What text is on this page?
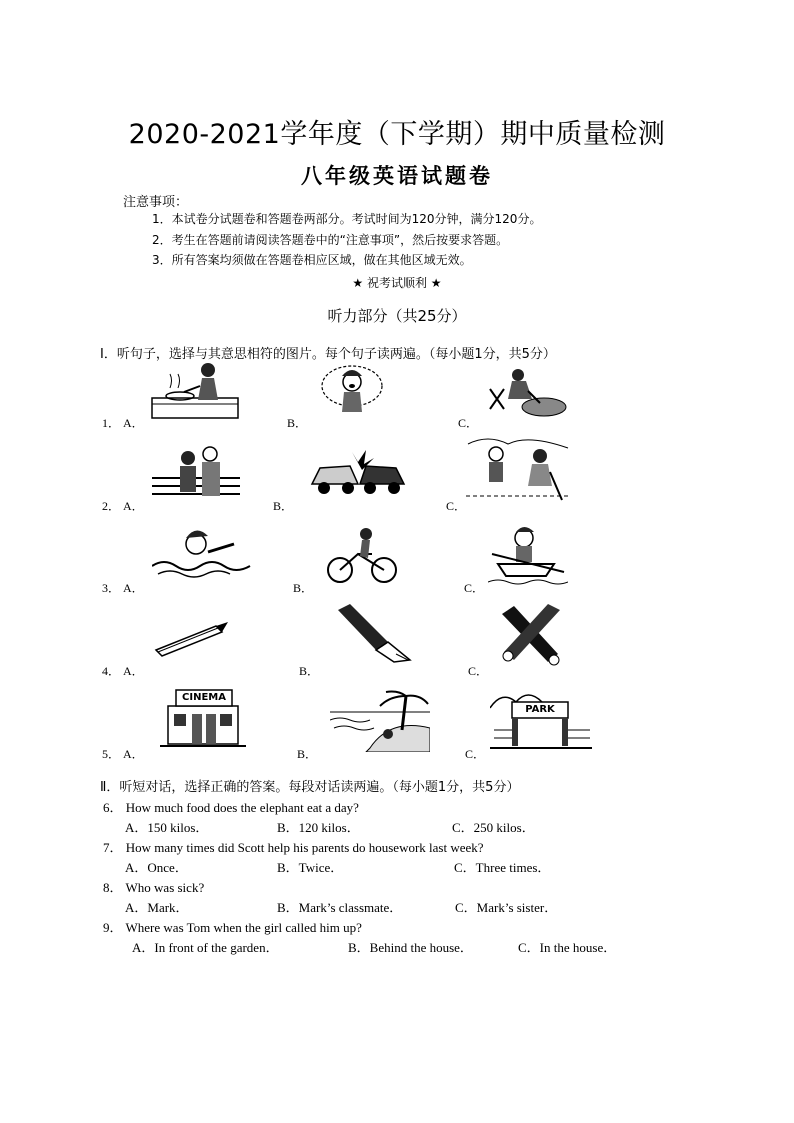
2020-2021学年度（下学期）期中质量检测
八年级英语试题卷
注意事项：
1．本试卷分试题卷和答题卷两部分。考试时间为120分钟，满分120分。
2．考生在答题前请阅读答题卷中的“注意事项”，然后按要求答题。
3．所有答案均须做在答题卷相应区域，做在其他区域无效。
★ 祝考试顺利 ★
听力部分（共25分）
Ⅰ．听句子，选择与其意思相符的图片。每个句子读两遍。（每小题1分，共5分）
1． A．	B．	C．
2． A．	B．	C．
3． A．	B．	C．
4． A．	B．	C．
5． A．	B．	C．
CINEMA
PARK
Ⅱ．听短对话，选择正确的答案。每段对话读两遍。（每小题1分，共5分）
6． How much food does the elephant eat a day?
A．150 kilos．	B．120 kilos．	C．250 kilos．
7． How many times did Scott help his parents do housework last week?
A．Once．	B．Twice．	C．Three times．
8． Who was sick?
A．Mark．	B．Mark’s classmate．	C．Mark’s sister．
9． Where was Tom when the girl called him up?
A．In front of the garden．	B．Behind the house．	C．In the house．
